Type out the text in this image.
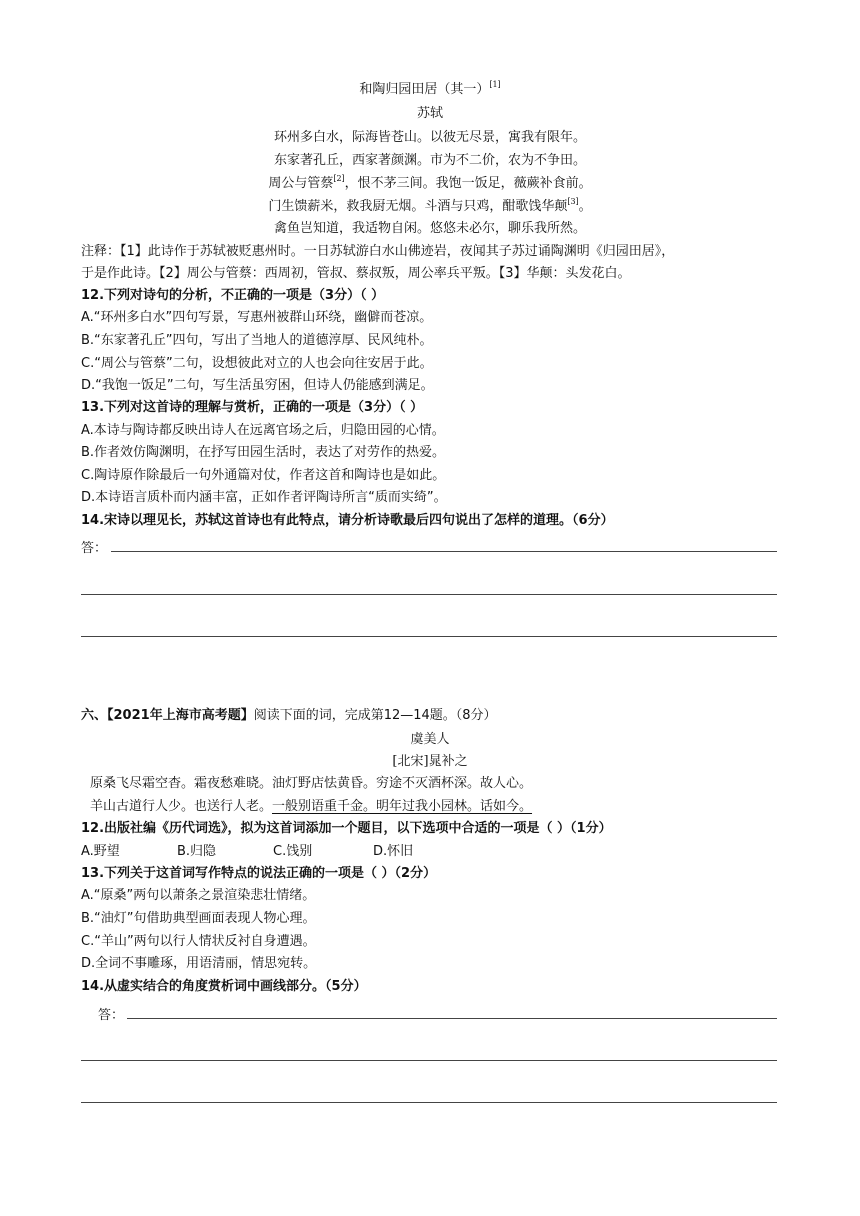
和陶归园田居（其一）[1]
苏轼
环州多白水，际海皆苍山。以彼无尽景，寓我有限年。
东家著孔丘，西家著颜渊。市为不二价，农为不争田。
周公与管蔡[2]，恨不茅三间。我饱一饭足，薇蕨补食前。
门生馈薪米，救我厨无烟。斗酒与只鸡，酣歌饯华颠[3]。
禽鱼岂知道，我适物自闲。悠悠未必尔，聊乐我所然。
注释：【1】此诗作于苏轼被贬惠州时。一日苏轼游白水山佛迹岩，夜闻其子苏过诵陶渊明《归园田居》，
于是作此诗。【2】周公与管蔡：西周初，管叔、蔡叔叛，周公率兵平叛。【3】华颠：头发花白。
12.下列对诗句的分析，不正确的一项是（3分）（ ）
A.“环州多白水”四句写景，写惠州被群山环绕，幽僻而苍凉。
B.“东家著孔丘”四句，写出了当地人的道德淳厚、民风纯朴。
C.“周公与管蔡”二句，设想彼此对立的人也会向往安居于此。
D.“我饱一饭足”二句，写生活虽穷困，但诗人仍能感到满足。
13.下列对这首诗的理解与赏析，正确的一项是（3分）（ ）
A.本诗与陶诗都反映出诗人在远离官场之后，归隐田园的心情。
B.作者效仿陶渊明，在抒写田园生活时，表达了对劳作的热爱。
C.陶诗原作除最后一句外通篇对仗，作者这首和陶诗也是如此。
D.本诗语言质朴而内涵丰富，正如作者评陶诗所言“质而实绮”。
14.宋诗以理见长，苏轼这首诗也有此特点，请分析诗歌最后四句说出了怎样的道理。（6分）
答：
六、【2021年上海市高考题】阅读下面的词，完成第12—14题。（8分）
虞美人
[北宋]晁补之
原桑飞尽霜空杳。霜夜愁难晓。油灯野店怯黄昏。穷途不灭酒杯深。故人心。
羊山古道行人少。也送行人老。一般别语重千金。明年过我小园林。话如今。
12.出版社编《历代词选》，拟为这首词添加一个题目，以下选项中合适的一项是（ ）（1分）
A.野望	B.归隐	C.饯别	D.怀旧
13.下列关于这首词写作特点的说法正确的一项是（ ）（2分）
A.“原桑”两句以萧条之景渲染悲壮情绪。
B.“油灯”句借助典型画面表现人物心理。
C.“羊山”两句以行人情状反衬自身遭遇。
D.全词不事雕琢，用语清丽，情思宛转。
14.从虚实结合的角度赏析词中画线部分。（5分）
答：
